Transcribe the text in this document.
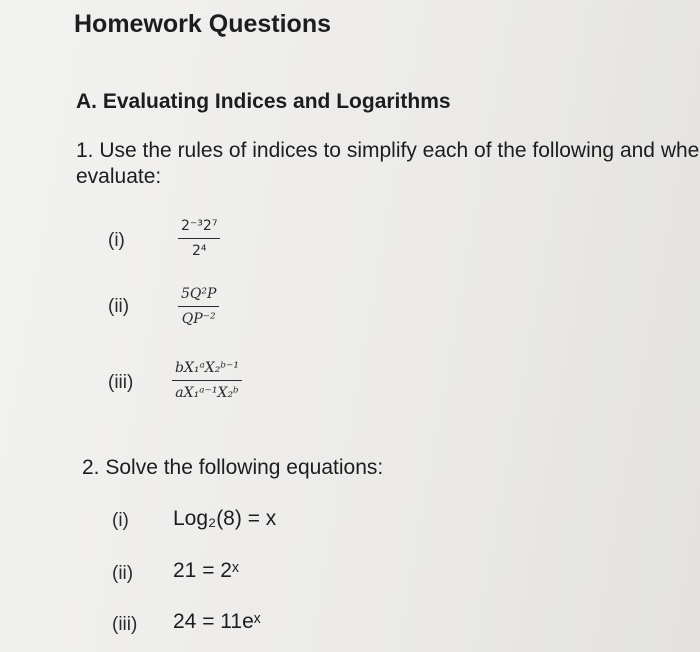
Homework Questions
A. Evaluating Indices and Logarithms
1. Use the rules of indices to simplify each of the following and whe
evaluate:
(i)
2⁻³2⁷
2⁴
(ii)
5Q²P
QP⁻²
(iii)
bX₁ᵃX₂ᵇ⁻¹
aX₁ᵃ⁻¹X₂ᵇ
2. Solve the following equations:
(i) Log₂(8) = x
(ii) 21 = 2ˣ
(iii) 24 = 11eˣ
